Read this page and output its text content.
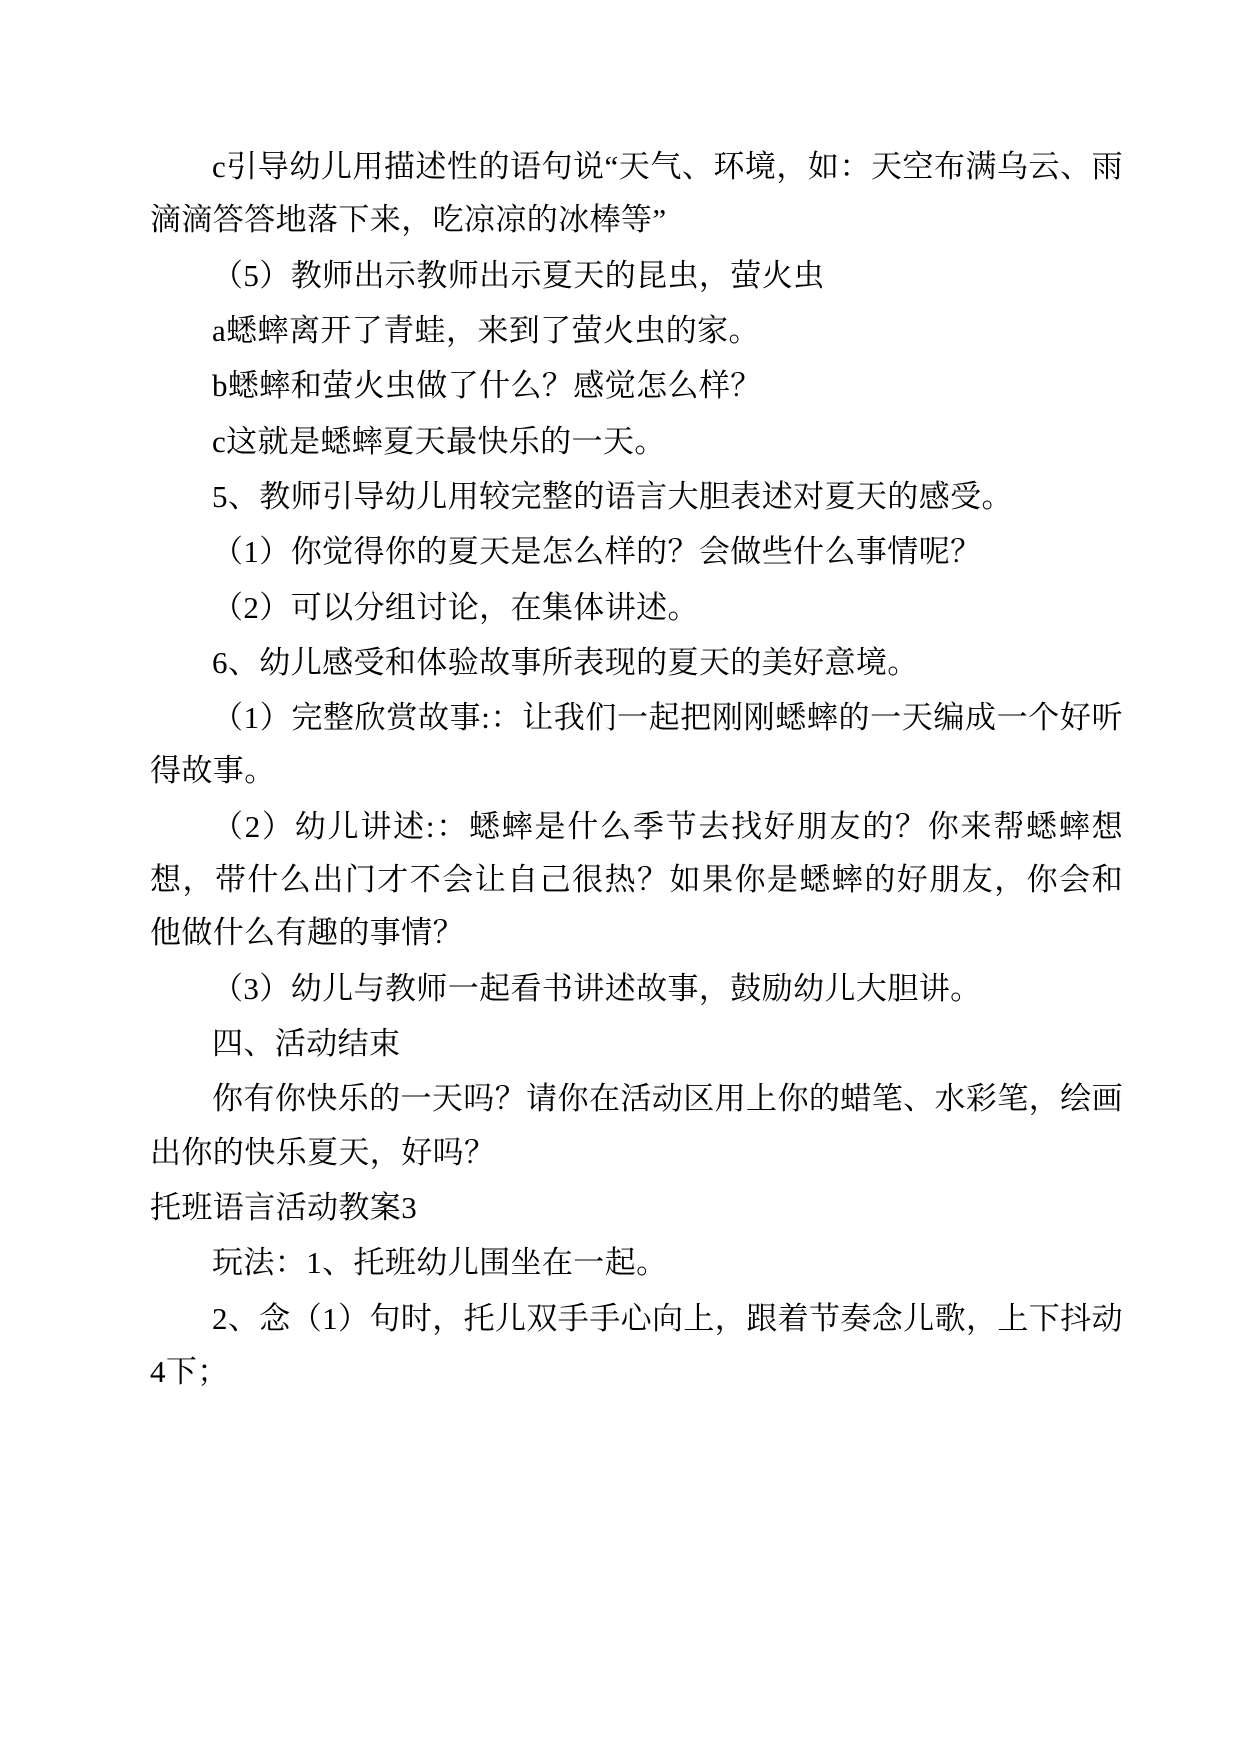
c引导幼儿用描述性的语句说“天气、环境，如：天空布满乌云、雨滴滴答答地落下来，吃凉凉的冰棒等”

（5）教师出示教师出示夏天的昆虫，萤火虫

a蟋蟀离开了青蛙，来到了萤火虫的家。

b蟋蟀和萤火虫做了什么？感觉怎么样？

c这就是蟋蟀夏天最快乐的一天。

5、教师引导幼儿用较完整的语言大胆表述对夏天的感受。

（1）你觉得你的夏天是怎么样的？会做些什么事情呢？

（2）可以分组讨论，在集体讲述。

6、幼儿感受和体验故事所表现的夏天的美好意境。

（1）完整欣赏故事:：让我们一起把刚刚蟋蟀的一天编成一个好听得故事。

（2）幼儿讲述:：蟋蟀是什么季节去找好朋友的？你来帮蟋蟀想想，带什么出门才不会让自己很热？如果你是蟋蟀的好朋友，你会和他做什么有趣的事情？

（3）幼儿与教师一起看书讲述故事，鼓励幼儿大胆讲。

四、活动结束

你有你快乐的一天吗？请你在活动区用上你的蜡笔、水彩笔，绘画出你的快乐夏天，好吗？

托班语言活动教案3

玩法：1、托班幼儿围坐在一起。

2、念（1）句时，托儿双手手心向上，跟着节奏念儿歌，上下抖动4下；
